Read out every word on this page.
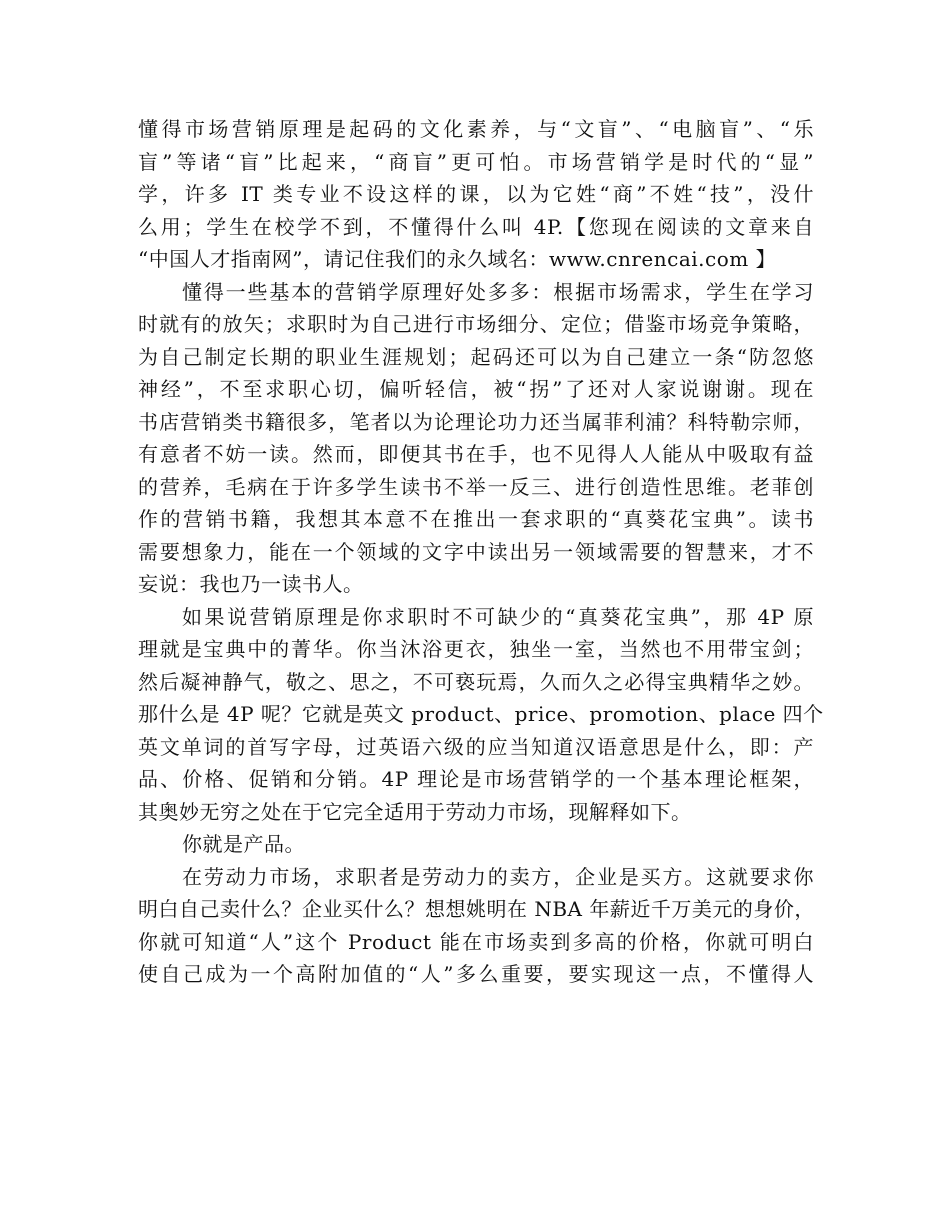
懂得市场营销原理是起码的文化素养，与“文盲”、“电脑盲”、“乐
盲”等诸“盲”比起来，“商盲”更可怕。市场营销学是时代的“显”
学，许多 IT 类专业不设这样的课，以为它姓“商”不姓“技”，没什
么用；学生在校学不到，不懂得什么叫 4P.【您现在阅读的文章来自
“中国人才指南网”，请记住我们的永久域名：www.cnrencai.com 】
懂得一些基本的营销学原理好处多多：根据市场需求，学生在学习
时就有的放矢；求职时为自己进行市场细分、定位；借鉴市场竞争策略，
为自己制定长期的职业生涯规划；起码还可以为自己建立一条“防忽悠
神经”，不至求职心切，偏听轻信，被“拐”了还对人家说谢谢。现在
书店营销类书籍很多，笔者以为论理论功力还当属菲利浦？科特勒宗师，
有意者不妨一读。然而，即便其书在手，也不见得人人能从中吸取有益
的营养，毛病在于许多学生读书不举一反三、进行创造性思维。老菲创
作的营销书籍，我想其本意不在推出一套求职的“真葵花宝典”。读书
需要想象力，能在一个领域的文字中读出另一领域需要的智慧来，才不
妄说：我也乃一读书人。
如果说营销原理是你求职时不可缺少的“真葵花宝典”，那 4P 原
理就是宝典中的菁华。你当沐浴更衣，独坐一室，当然也不用带宝剑；
然后凝神静气，敬之、思之，不可亵玩焉，久而久之必得宝典精华之妙。
那什么是 4P 呢？它就是英文 product、price、promotion、place 四个
英文单词的首写字母，过英语六级的应当知道汉语意思是什么，即：产
品、价格、促销和分销。4P 理论是市场营销学的一个基本理论框架，
其奥妙无穷之处在于它完全适用于劳动力市场，现解释如下。
你就是产品。
在劳动力市场，求职者是劳动力的卖方，企业是买方。这就要求你
明白自己卖什么？企业买什么？想想姚明在 NBA 年薪近千万美元的身价，
你就可知道“人”这个 Product 能在市场卖到多高的价格，你就可明白
使自己成为一个高附加值的“人”多么重要，要实现这一点，不懂得人
